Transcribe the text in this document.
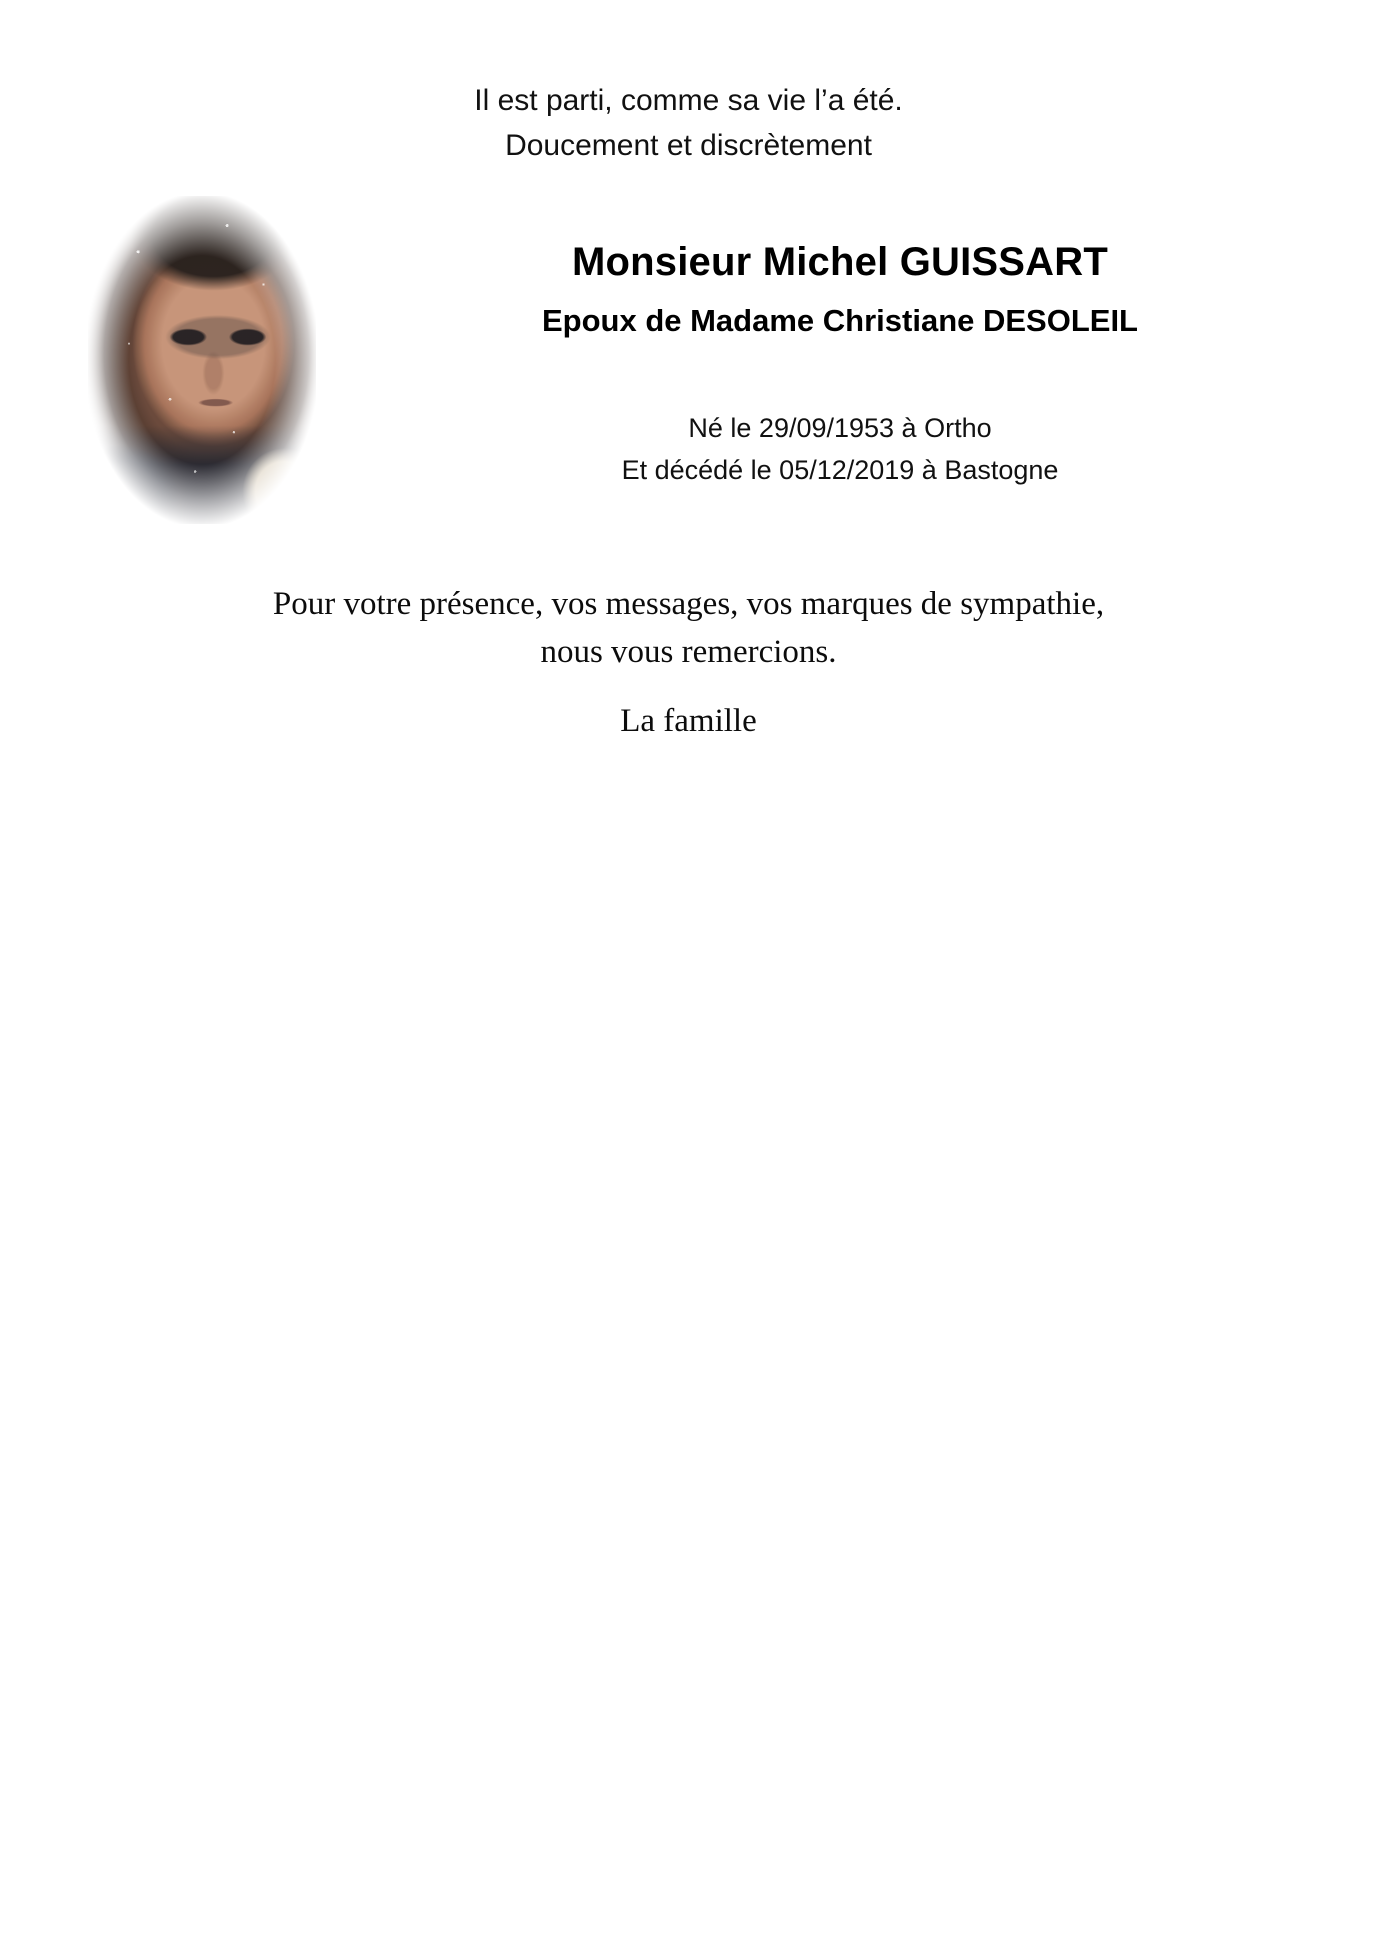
Il est parti, comme sa vie l’a été.
Doucement et discrètement
Monsieur Michel GUISSART
Epoux de Madame Christiane DESOLEIL
Né le 29/09/1953 à Ortho
Et décédé le 05/12/2019 à Bastogne
Pour votre présence, vos messages, vos marques de sympathie,
nous vous remercions.
La famille
